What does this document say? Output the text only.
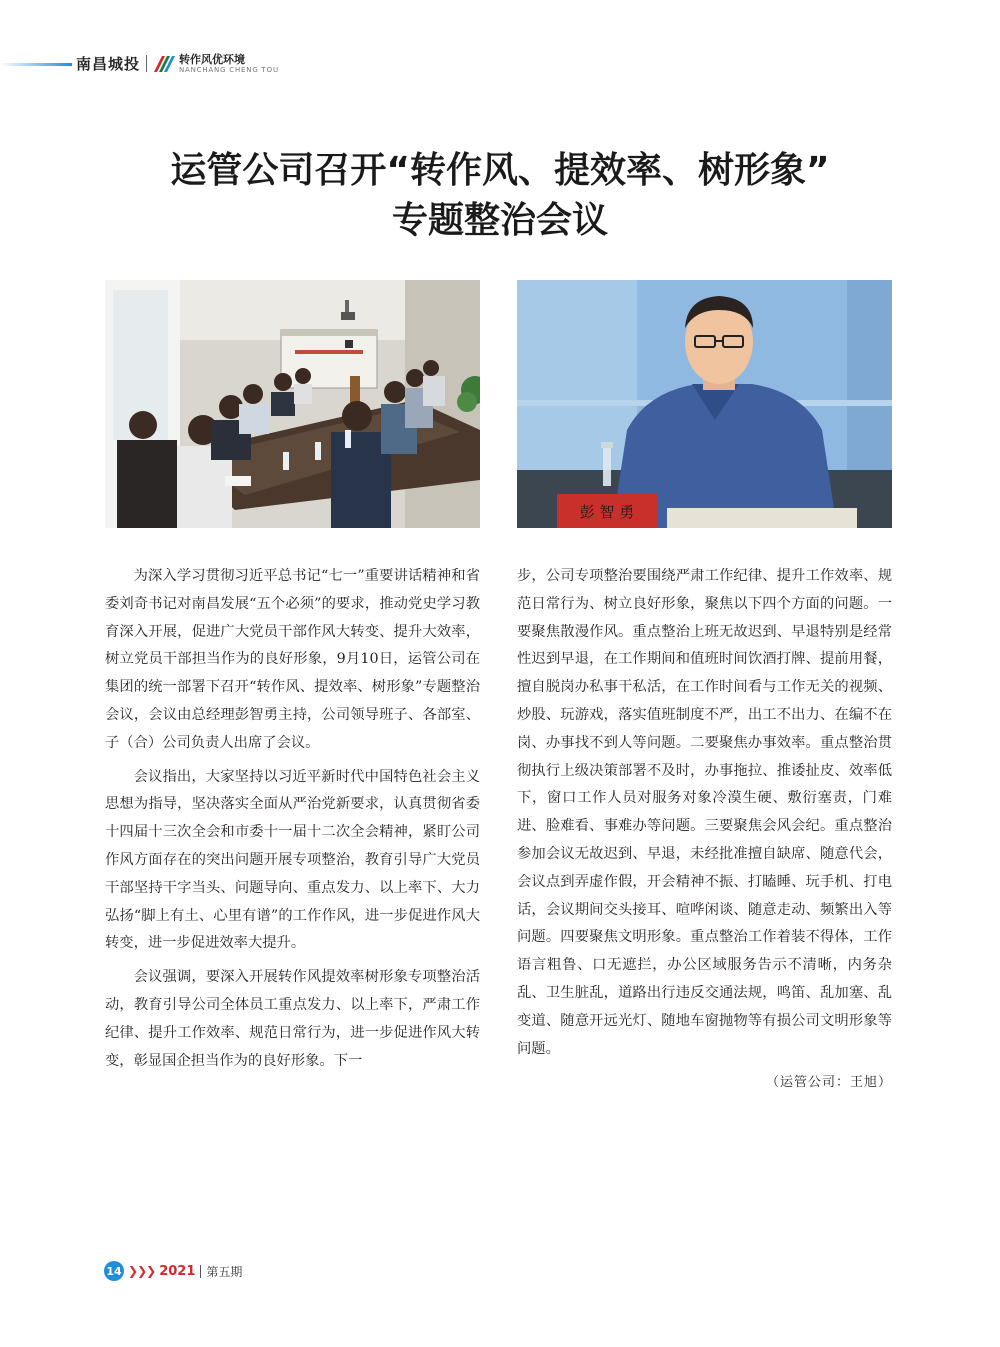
南昌城投	转作风优环境
NANCHANG CHENG TOU
运管公司召开“转作风、提效率、树形象”
专题整治会议
彭 智 勇

为深入学习贯彻习近平总书记“七一”重要讲话精神和省委刘奇书记对南昌发展“五个必须”的要求，推动党史学习教育深入开展，促进广大党员干部作风大转变、提升大效率，树立党员干部担当作为的良好形象，9月10日，运管公司在集团的统一部署下召开“转作风、提效率、树形象”专题整治会议，会议由总经理彭智勇主持，公司领导班子、各部室、子（合）公司负责人出席了会议。

会议指出，大家坚持以习近平新时代中国特色社会主义思想为指导，坚决落实全面从严治党新要求，认真贯彻省委十四届十三次全会和市委十一届十二次全会精神，紧盯公司作风方面存在的突出问题开展专项整治，教育引导广大党员干部坚持干字当头、问题导向、重点发力、以上率下、大力弘扬“脚上有土、心里有谱”的工作作风，进一步促进作风大转变，进一步促进效率大提升。

会议强调，要深入开展转作风提效率树形象专项整治活动，教育引导公司全体员工重点发力、以上率下，严肃工作纪律、提升工作效率、规范日常行为，进一步促进作风大转变，彰显国企担当作为的良好形象。下一

步，公司专项整治要围绕严肃工作纪律、提升工作效率、规范日常行为、树立良好形象，聚焦以下四个方面的问题。一要聚焦散漫作风。重点整治上班无故迟到、早退特别是经常性迟到早退，在工作期间和值班时间饮酒打牌、提前用餐，擅自脱岗办私事干私活，在工作时间看与工作无关的视频、炒股、玩游戏，落实值班制度不严，出工不出力、在编不在岗、办事找不到人等问题。二要聚焦办事效率。重点整治贯彻执行上级决策部署不及时，办事拖拉、推诿扯皮、效率低下，窗口工作人员对服务对象冷漠生硬、敷衍塞责，门难进、脸难看、事难办等问题。三要聚焦会风会纪。重点整治参加会议无故迟到、早退，未经批准擅自缺席、随意代会，会议点到弄虚作假，开会精神不振、打瞌睡、玩手机、打电话，会议期间交头接耳、喧哗闲谈、随意走动、频繁出入等问题。四要聚焦文明形象。重点整治工作着装不得体，工作语言粗鲁、口无遮拦，办公区域服务告示不清晰，内务杂乱、卫生脏乱，道路出行违反交通法规，鸣笛、乱加塞、乱变道、随意开远光灯、随地车窗抛物等有损公司文明形象等问题。

（运管公司：王旭）

14 ❯ ❯ ❯ 2021 第五期
